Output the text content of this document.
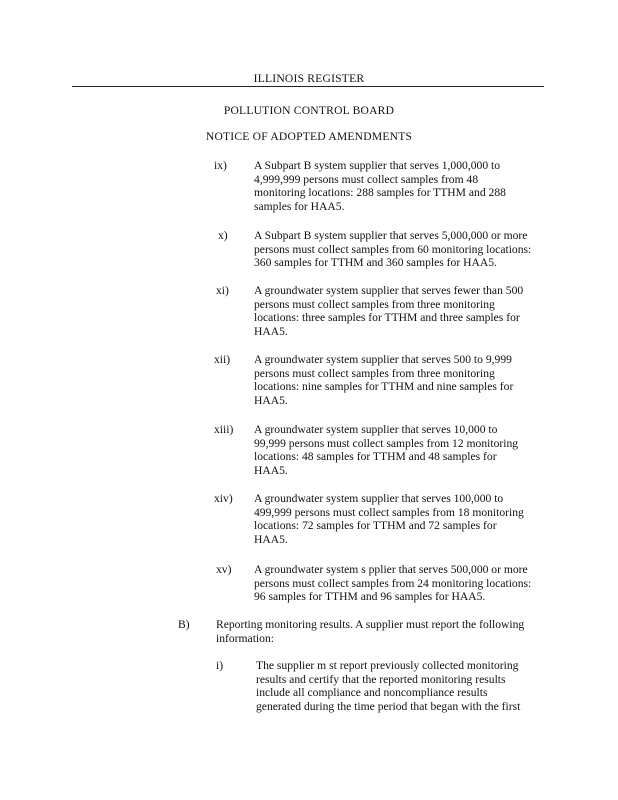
ILLINOIS REGISTER
POLLUTION CONTROL BOARD
NOTICE OF ADOPTED AMENDMENTS
ix) A Subpart B system supplier that serves 1,000,000 to
4,999,999 persons must collect samples from 48
monitoring locations: 288 samples for TTHM and 288
samples for HAA5.
x) A Subpart B system supplier that serves 5,000,000 or more
persons must collect samples from 60 monitoring locations:
360 samples for TTHM and 360 samples for HAA5.
xi) A groundwater system supplier that serves fewer than 500
persons must collect samples from three monitoring
locations: three samples for TTHM and three samples for
HAA5.
xii) A groundwater system supplier that serves 500 to 9,999
persons must collect samples from three monitoring
locations: nine samples for TTHM and nine samples for
HAA5.
xiii) A groundwater system supplier that serves 10,000 to
99,999 persons must collect samples from 12 monitoring
locations: 48 samples for TTHM and 48 samples for
HAA5.
xiv) A groundwater system supplier that serves 100,000 to
499,999 persons must collect samples from 18 monitoring
locations: 72 samples for TTHM and 72 samples for
HAA5.
xv) A groundwater system s pplier that serves 500,000 or more
persons must collect samples from 24 monitoring locations:
96 samples for TTHM and 96 samples for HAA5.
B) Reporting monitoring results. A supplier must report the following
information:
i)	The supplier m st report previously collected monitoring
results and certify that the reported monitoring results
include all compliance and noncompliance results
generated during the time period that began with the first
